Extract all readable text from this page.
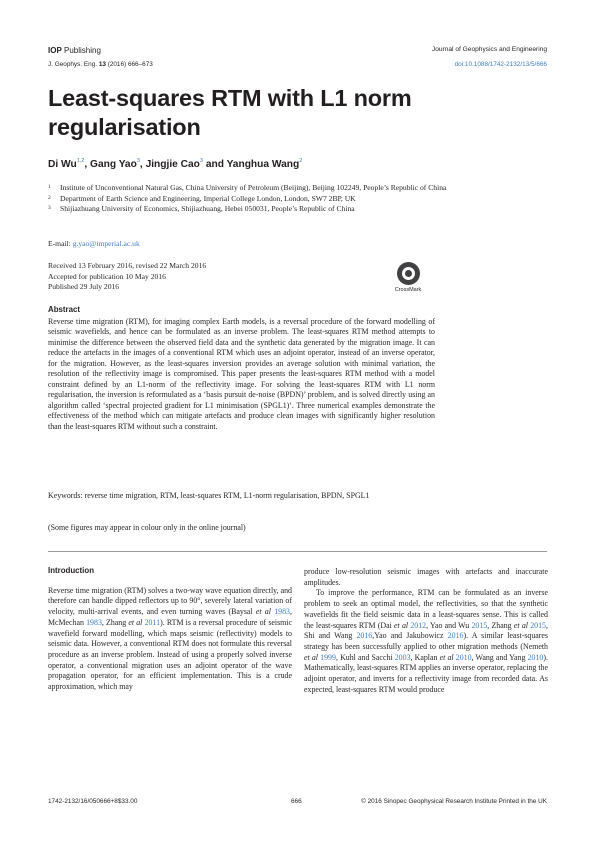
IOP Publishing	Journal of Geophysics and Engineering
J. Geophys. Eng. 13 (2016) 666–673	doi:10.1088/1742-2132/13/5/666
Least-squares RTM with L1 norm regularisation
Di Wu$^{1,2}$, Gang Yao$^3$, Jingjie Cao$^3$ and Yanghua Wang$^2$
1 Institute of Unconventional Natural Gas, China University of Petroleum (Beijing), Beijing 102249, People’s Republic of China
2 Department of Earth Science and Engineering, Imperial College London, London, SW7 2BP, UK
3 Shijiazhuang University of Economics, Shijiazhuang, Hebei 050031, People’s Republic of China
E-mail: g.yao@imperial.ac.uk
Received 13 February 2016, revised 22 March 2016
Accepted for publication 10 May 2016
Published 29 July 2016	CrossMark
Abstract

Reverse time migration (RTM), for imaging complex Earth models, is a reversal procedure of the forward modelling of seismic wavefields, and hence can be formulated as an inverse problem. The least-squares RTM method attempts to minimise the difference between the observed field data and the synthetic data generated by the migration image. It can reduce the artefacts in the images of a conventional RTM which uses an adjoint operator, instead of an inverse operator, for the migration. However, as the least-squares inversion provides an average solution with minimal variation, the resolution of the reflectivity image is compromised. This paper presents the least-squares RTM method with a model constraint defined by an L1-norm of the reflectivity image. For solving the least-squares RTM with L1 norm regularisation, the inversion is reformulated as a ‘basis pursuit de-noise (BPDN)’ problem, and is solved directly using an algorithm called ‘spectral projected gradient for L1 minimisation (SPGL1)’. Three numerical examples demonstrate the effectiveness of the method which can mitigate artefacts and produce clean images with significantly higher resolution than the least-squares RTM without such a constraint.

Keywords: reverse time migration, RTM, least-squares RTM, L1-norm regularisation, BPDN, SPGL1
(Some figures may appear in colour only in the online journal)
Introduction

Reverse time migration (RTM) solves a two-way wave equation directly, and therefore can handle dipped reflectors up to 90°, severely lateral variation of velocity, multi-arrival events, and even turning waves (Baysal et al 1983, McMechan 1983, Zhang et al 2011). RTM is a reversal procedure of seismic wavefield forward modelling, which maps seismic (reflectivity) models to seismic data. However, a conventional RTM does not formulate this reversal procedure as an inverse problem. Instead of using a properly solved inverse operator, a conventional migration uses an adjoint operator of the wave propagation operator, for an efficient implementation. This is a crude approximation, which may

produce low-resolution seismic images with artefacts and inaccurate amplitudes.

To improve the performance, RTM can be formulated as an inverse problem to seek an optimal model, the reflectivities, so that the synthetic wavefields fit the field seismic data in a least-squares sense. This is called the least-squares RTM (Dai et al 2012, Yao and Wu 2015, Zhang et al 2015, Shi and Wang 2016,Yao and Jakubowicz 2016). A similar least-squares strategy has been successfully applied to other migration methods (Nemeth et al 1999, Kuhl and Sacchi 2003, Kaplan et al 2010, Wang and Yang 2010). Mathematically, least-squares RTM applies an inverse operator, replacing the adjoint operator, and inverts for a reflectivity image from recorded data. As expected, least-squares RTM would produce

1742-2132/16/050666+8$33.00	666	© 2016 Sinopec Geophysical Research Institute Printed in the UK
